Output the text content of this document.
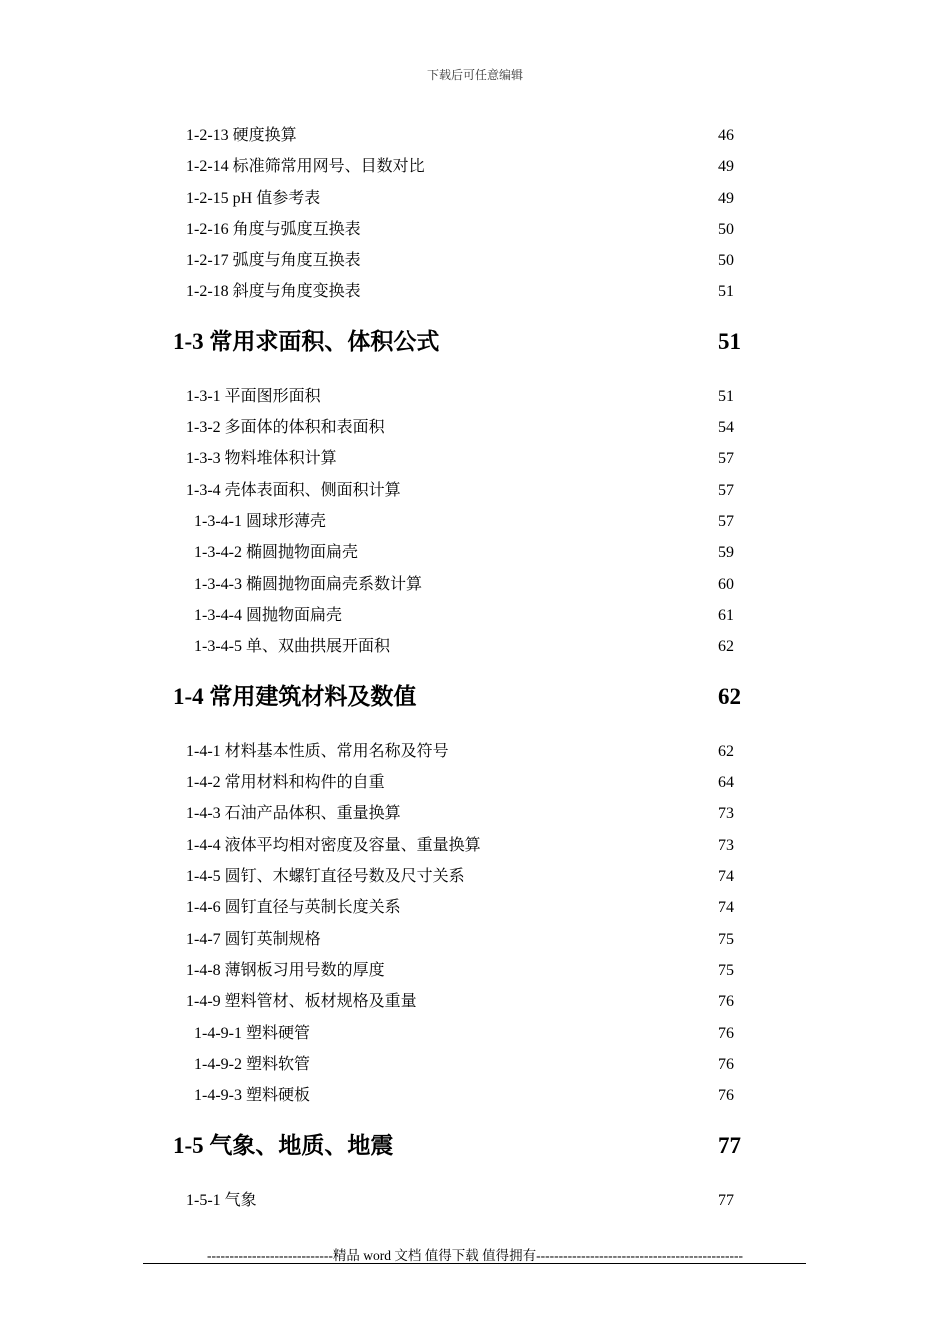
下载后可任意编辑
1-2-13 硬度换算	46
1-2-14 标准筛常用网号、目数对比	49
1-2-15 pH 值参考表	49
1-2-16 角度与弧度互换表	50
1-2-17 弧度与角度互换表	50
1-2-18 斜度与角度变换表	51
1-3 常用求面积、体积公式	51
1-3-1 平面图形面积	51
1-3-2 多面体的体积和表面积	54
1-3-3 物料堆体积计算	57
1-3-4 壳体表面积、侧面积计算	57
1-3-4-1 圆球形薄壳	57
1-3-4-2 椭圆抛物面扁壳	59
1-3-4-3 椭圆抛物面扁壳系数计算	60
1-3-4-4 圆抛物面扁壳	61
1-3-4-5 单、双曲拱展开面积	62
1-4 常用建筑材料及数值	62
1-4-1 材料基本性质、常用名称及符号	62
1-4-2 常用材料和构件的自重	64
1-4-3 石油产品体积、重量换算	73
1-4-4 液体平均相对密度及容量、重量换算	73
1-4-5 圆钉、木螺钉直径号数及尺寸关系	74
1-4-6 圆钉直径与英制长度关系	74
1-4-7 圆钉英制规格	75
1-4-8 薄钢板习用号数的厚度	75
1-4-9 塑料管材、板材规格及重量	76
1-4-9-1 塑料硬管	76
1-4-9-2 塑料软管	76
1-4-9-3 塑料硬板	76
1-5 气象、地质、地震	77
1-5-1 气象	77
----------------------------精品 word 文档 值得下载 值得拥有----------------------------------------------
